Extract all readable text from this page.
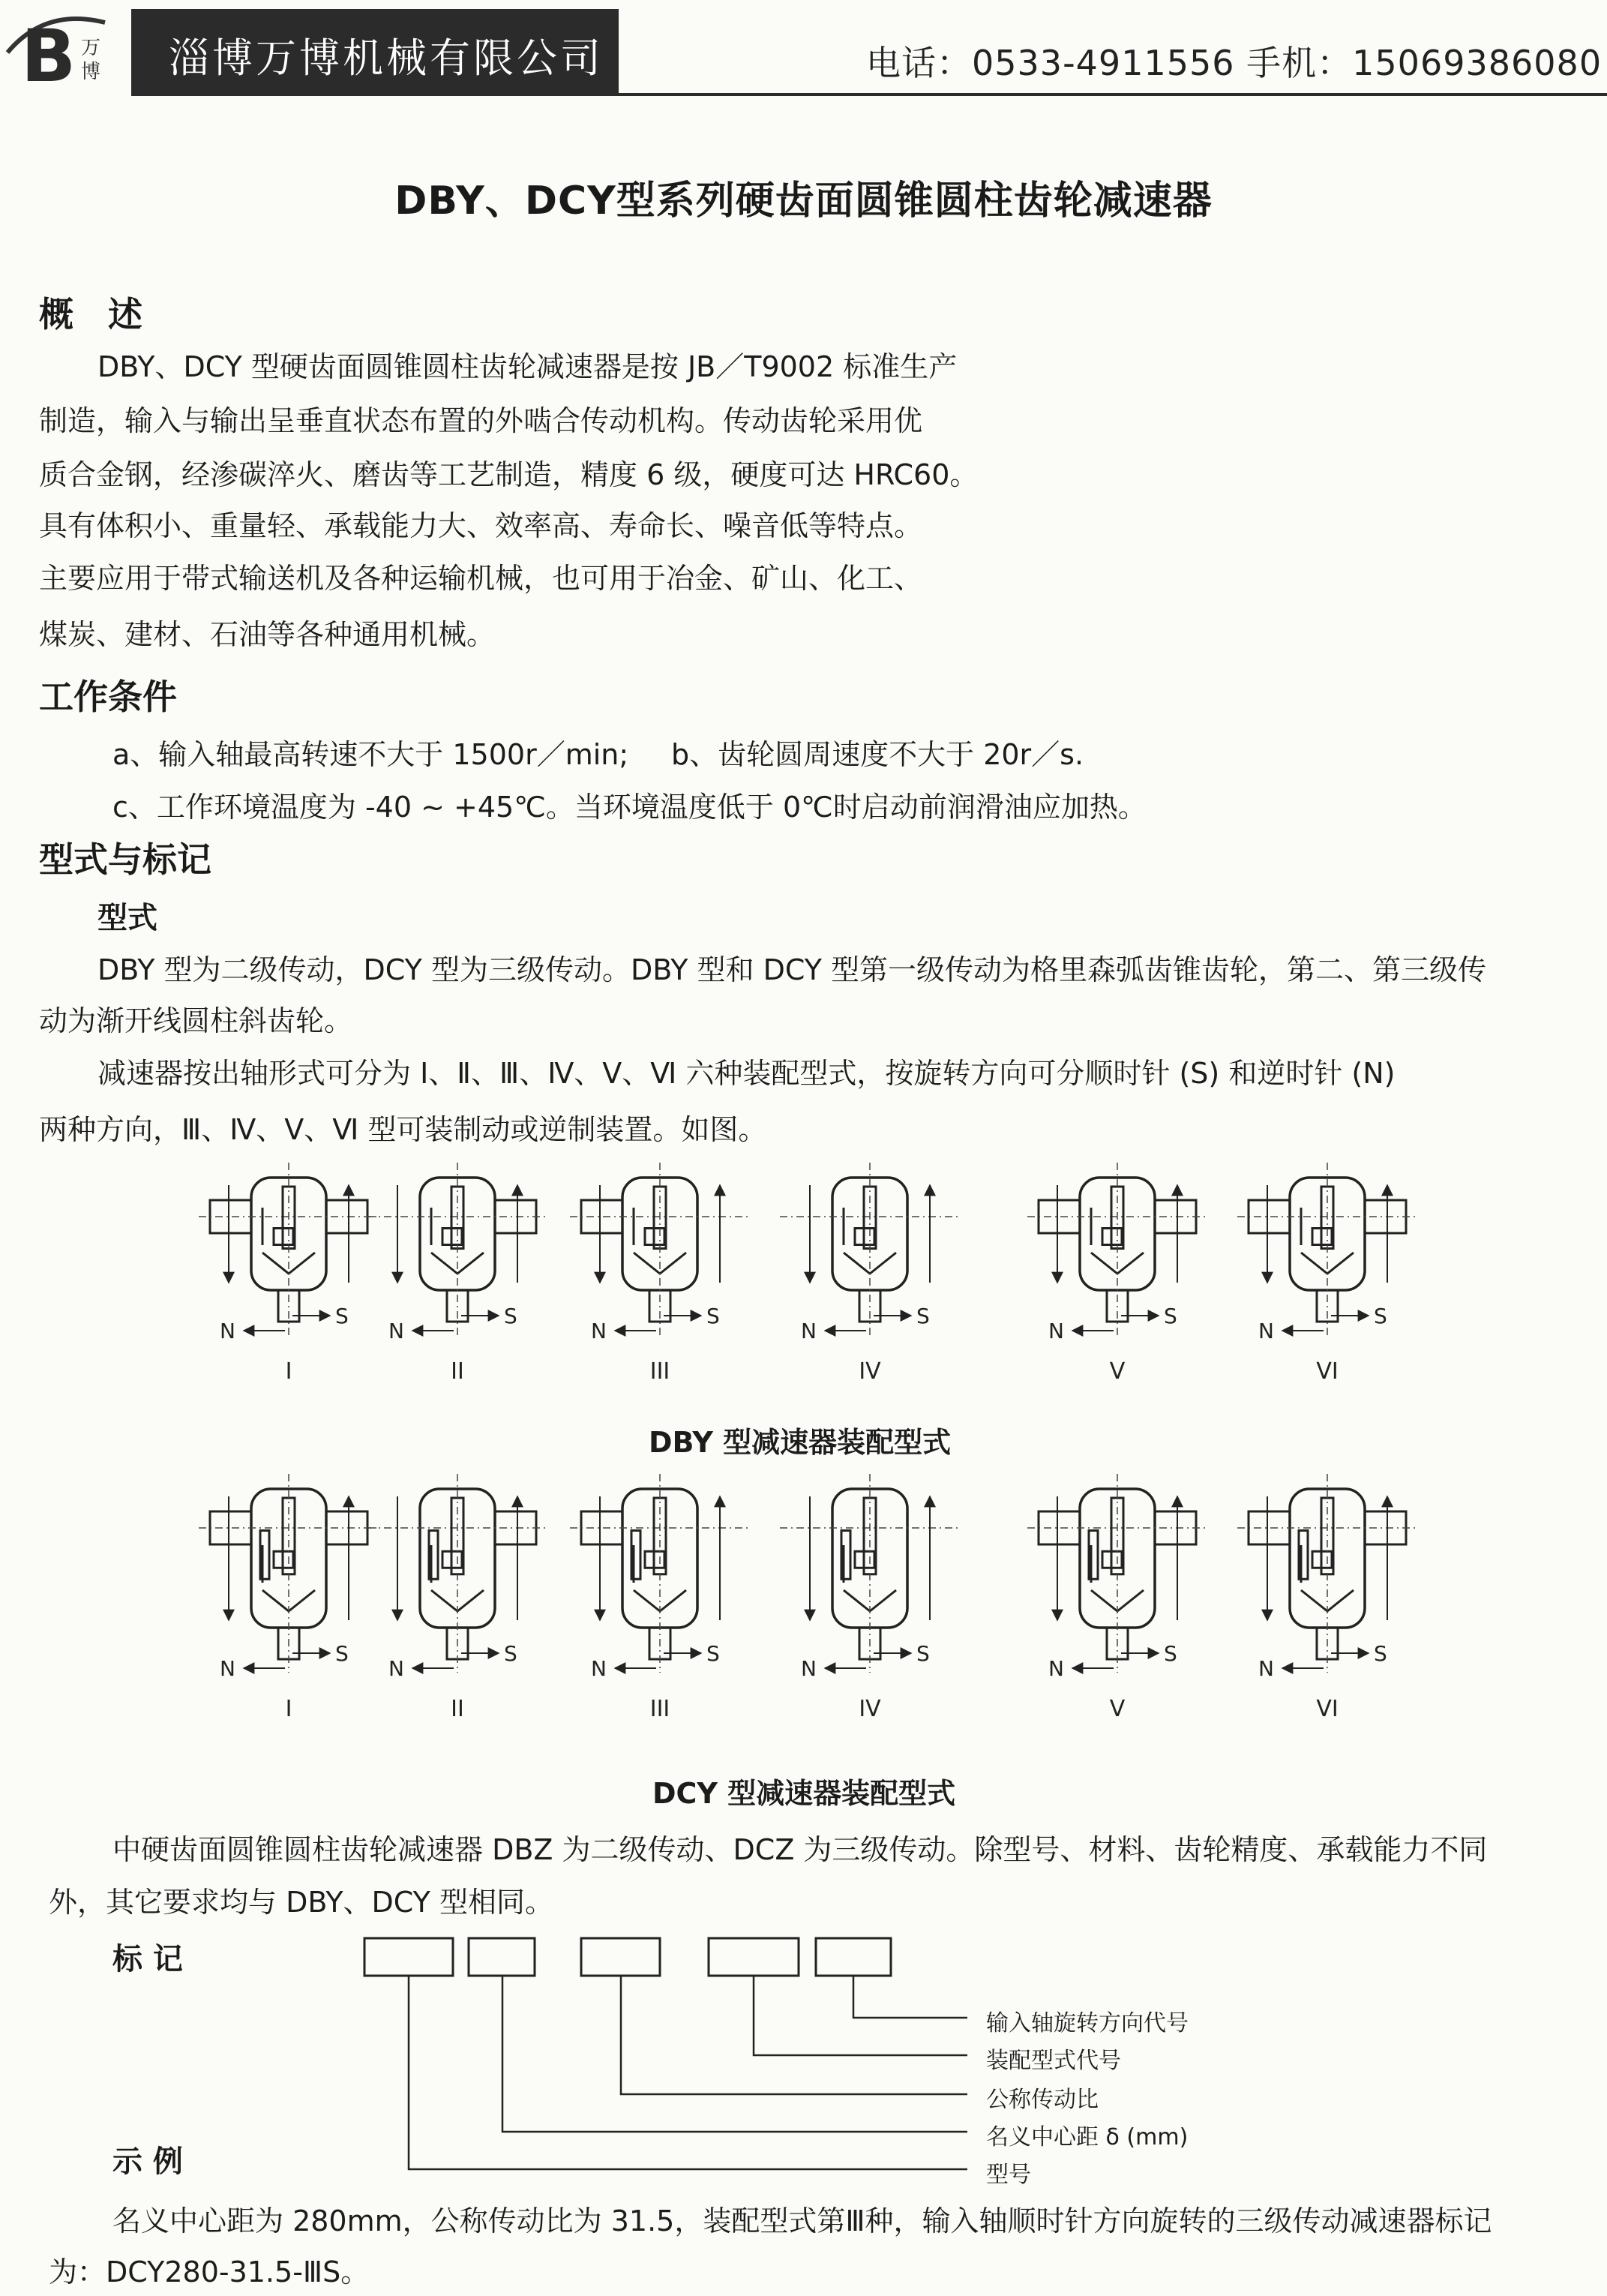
B 万
博 淄博万博机械有限公司	电话：0533-4911556 手机：15069386080
DBY、DCY型系列硬齿面圆锥圆柱齿轮减速器
概　述
DBY、DCY 型硬齿面圆锥圆柱齿轮减速器是按 JB／T9002 标准生产
制造，输入与输出呈垂直状态布置的外啮合传动机构。传动齿轮采用优
质合金钢，经渗碳淬火、磨齿等工艺制造，精度 6 级，硬度可达 HRC60。
具有体积小、重量轻、承载能力大、效率高、寿命长、噪音低等特点。
主要应用于带式输送机及各种运输机械，也可用于冶金、矿山、化工、
煤炭、建材、石油等各种通用机械。
工作条件
a、输入轴最高转速不大于 1500r／min; b、齿轮圆周速度不大于 20r／s.
c、工作环境温度为 -40 ~ +45℃。当环境温度低于 0℃时启动前润滑油应加热。
型式与标记
型式
DBY 型为二级传动，DCY 型为三级传动。DBY 型和 DCY 型第一级传动为格里森弧齿锥齿轮，第二、第三级传
动为渐开线圆柱斜齿轮。
减速器按出轴形式可分为 Ⅰ、Ⅱ、Ⅲ、Ⅳ、Ⅴ、Ⅵ 六种装配型式，按旋转方向可分顺时针 (S) 和逆时针 (N)
两种方向，Ⅲ、Ⅳ、Ⅴ、Ⅵ 型可装制动或逆制装置。如图。
S
N
I
S
N
II
S
N
III
S
N
IV
S
N
V
S
N
VI
DBY 型减速器装配型式
S
N
I
S
N
II
S
N
III
S
N
IV
S
N
V
S
N
VI
DCY 型减速器装配型式
中硬齿面圆锥圆柱齿轮减速器 DBZ 为二级传动、DCZ 为三级传动。除型号、材料、齿轮精度、承载能力不同
外，其它要求均与 DBY、DCY 型相同。
标 记
输入轴旋转方向代号
装配型式代号
公称传动比
名义中心距 δ (mm)
型号
示 例
名义中心距为 280mm，公称传动比为 31.5，装配型式第Ⅲ种，输入轴顺时针方向旋转的三级传动减速器标记
为：DCY280-31.5-ⅢS。
